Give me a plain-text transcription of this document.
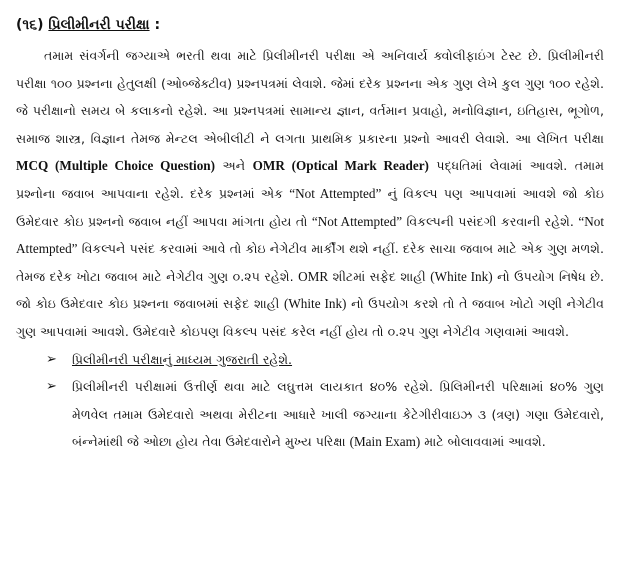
(૧૬) પ્રિલીમીનરી પરીક્ષા :

તમામ સંવર્ગની જગ્યાએ ભરતી થવા માટે પ્રિલીમીનરી પરીક્ષા એ અનિવાર્ય ક્વોલીફાઇંગ ટેસ્ટ છે. પ્રિલીમીનરી પરીક્ષા ૧૦૦ પ્રશ્નના હેતુલક્ષી (ઓબ્જેક્ટીવ) પ્રશ્નપત્રમાં લેવાશે. જેમાં દરેક પ્રશ્નના એક ગુણ લેખે કુલ ગુણ ૧૦૦ રહેશે. જે પરીક્ષાનો સમય બે કલાકનો રહેશે. આ પ્રશ્નપત્રમાં સામાન્ય જ્ઞાન, વર્તમાન પ્રવાહો, મનોવિજ્ઞાન, ઇતિહાસ, ભૂગોળ, સમાજ શાસ્ત્ર, વિજ્ઞાન તેમજ મેન્ટલ એબીલીટી ને લગતા પ્રાથમિક પ્રકારના પ્રશ્નો આવરી લેવાશે. આ લેખિત પરીક્ષા MCQ (Multiple Choice Question) અને OMR (Optical Mark Reader) પદ્ધતિમાં લેવામાં આવશે. તમામ પ્રશ્નોના જવાબ આપવાના રહેશે. દરેક પ્રશ્નમાં એક “Not Attempted” નું વિકલ્પ પણ આપવામાં આવશે જો કોઇ ઉમેદવાર કોઇ પ્રશ્નનો જવાબ નહીં આપવા માંગતા હોય તો “Not Attempted” વિકલ્પની પસંદગી કરવાની રહેશે. “Not Attempted” વિકલ્પને પસંદ કરવામાં આવે તો કોઇ નેગેટીવ માર્કીંગ થશે નહીં. દરેક સાચા જવાબ માટે એક ગુણ મળશે. તેમજ દરેક ખોટા જવાબ માટે નેગેટીવ ગુણ ૦.૨૫ રહેશે. OMR શીટમાં સફેદ શાહી (White Ink) નો ઉપયોગ નિષેધ છે. જો કોઇ ઉમેદવાર કોઇ પ્રશ્નના જવાબમાં સફેદ શાહી (White Ink) નો ઉપયોગ કરશે તો તે જવાબ ખોટો ગણી નેગેટીવ ગુણ આપવામાં આવશે. ઉમેદવારે કોઇપણ વિકલ્પ પસંદ કરેલ નહીં હોય તો ૦.૨૫ ગુણ નેગેટીવ ગણવામાં આવશે.

➢ પ્રિલીમીનરી પરીક્ષાનું માધ્યમ ગુજરાતી રહેશે.
➢ પ્રિલીમીનરી પરીક્ષામાં ઉત્તીર્ણ થવા માટે લઘુત્તમ લાયકાત ૪૦% રહેશે. પ્રિલિમીનરી પરિક્ષામાં ૪૦% ગુણ મેળવેલ તમામ ઉમેદવારો અથવા મેરીટના આધારે ખાલી જગ્યાના કેટેગીરીવાઇઝ ૩ (ત્રણ) ગણા ઉમેદવારો, બંન્નેમાંથી જે ઓછા હોય તેવા ઉમેદવારોને મુખ્ય પરિક્ષા (Main Exam) માટે બોલાવવામાં આવશે.
